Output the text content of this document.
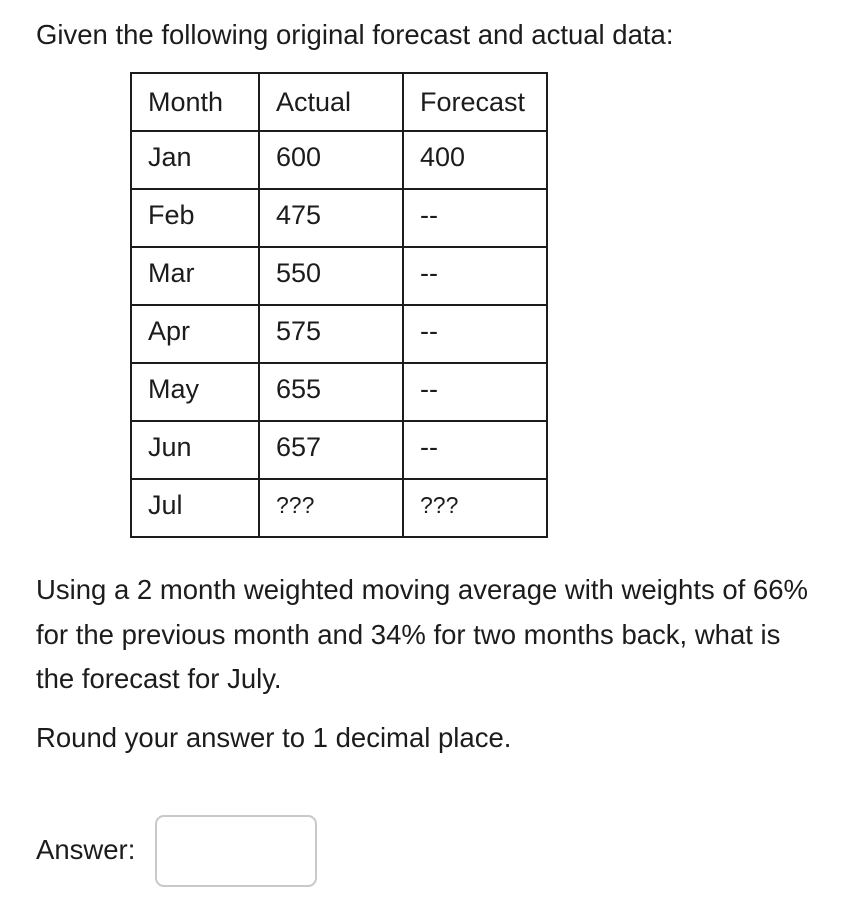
Given the following original forecast and actual data:
Month	Actual	Forecast
Jan	600	400
Feb	475	--
Mar	550	--
Apr	575	--
May	655	--
Jun	657	--
Jul	???	???
Using a 2 month weighted moving average with weights of 66% for the previous month and 34% for two months back, what is the forecast for July.
Round your answer to 1 decimal place.
Answer:
